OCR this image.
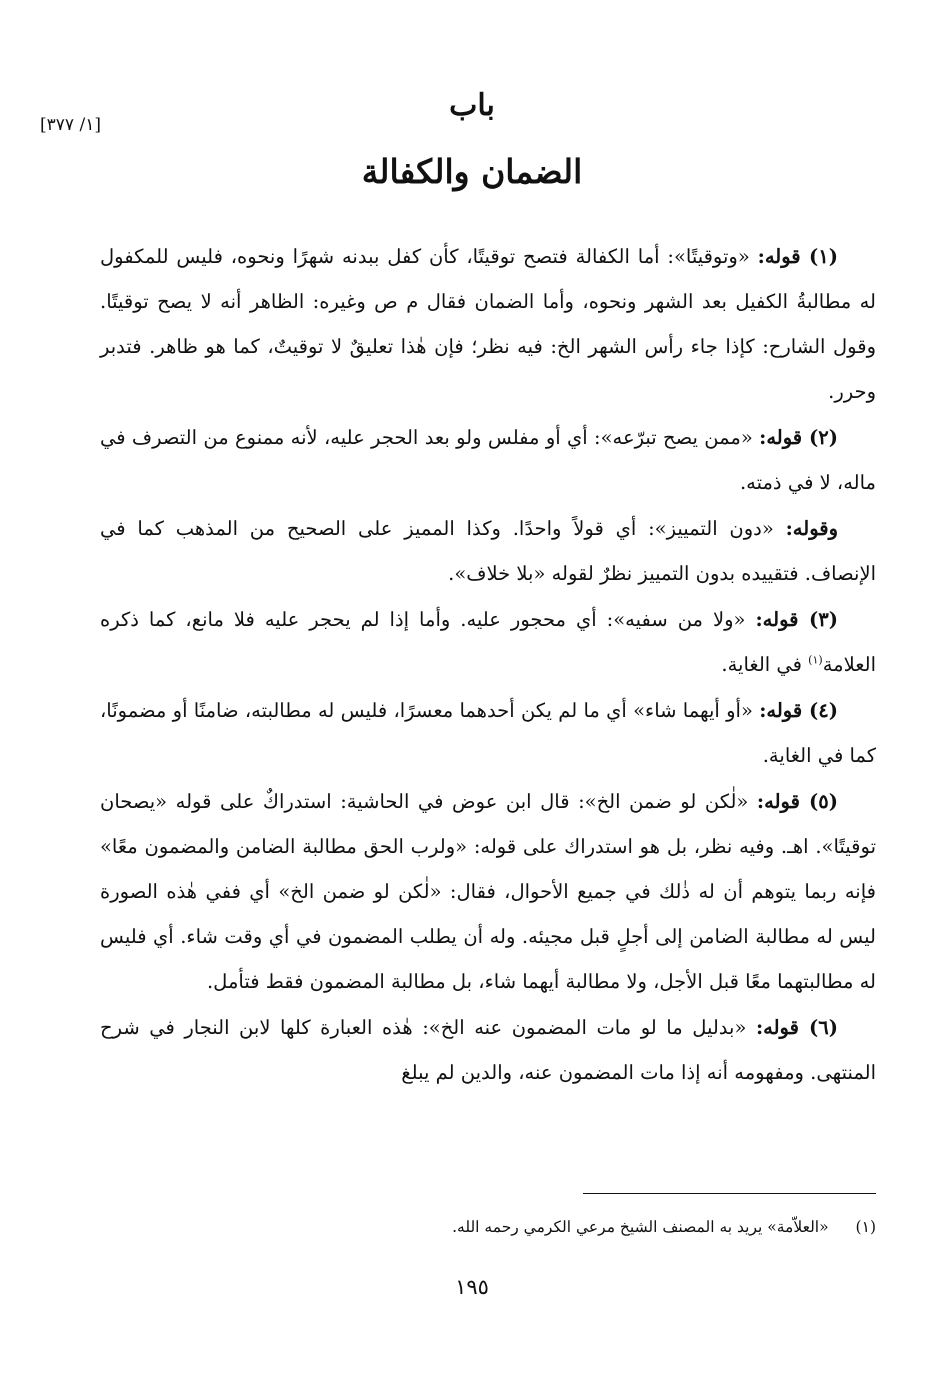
[١/ ٣٧٧]
باب
الضمان والكفالة

(١) قوله: «وتوقيتًا»: أما الكفالة فتصح توقيتًا، كأن كفل ببدنه شهرًا ونحوه، فليس للمكفول له مطالبةُ الكفيل بعد الشهر ونحوه، وأما الضمان فقال م ص وغيره: الظاهر أنه لا يصح توقيتًا. وقول الشارح: كإذا جاء رأس الشهر الخ: فيه نظر؛ فإن هٰذا تعليقٌ لا توقيتٌ، كما هو ظاهر. فتدبر وحرر.

(٢) قوله: «ممن يصح تبرّعه»: أي أو مفلس ولو بعد الحجر عليه، لأنه ممنوع من التصرف في ماله، لا في ذمته.

وقوله: «دون التمييز»: أي قولاً واحدًا. وكذا المميز على الصحيح من المذهب كما في الإنصاف. فتقييده بدون التمييز نظرٌ لقوله «بلا خلاف».

(٣) قوله: «ولا من سفيه»: أي محجور عليه. وأما إذا لم يحجر عليه فلا مانع، كما ذكره العلامة$^{(١)}$ في الغاية.

(٤) قوله: «أو أيهما شاء» أي ما لم يكن أحدهما معسرًا، فليس له مطالبته، ضامنًا أو مضمونًا، كما في الغاية.

(٥) قوله: «لٰكن لو ضمن الخ»: قال ابن عوض في الحاشية: استدراكٌ على قوله «يصحان توقيتًا». اهـ. وفيه نظر، بل هو استدراك على قوله: «ولرب الحق مطالبة الضامن والمضمون معًا» فإنه ربما يتوهم أن له ذٰلك في جميع الأحوال، فقال: «لٰكن لو ضمن الخ» أي ففي هٰذه الصورة ليس له مطالبة الضامن إلى أجلٍ قبل مجيئه. وله أن يطلب المضمون في أي وقت شاء. أي فليس له مطالبتهما معًا قبل الأجل، ولا مطالبة أيهما شاء، بل مطالبة المضمون فقط فتأمل.

(٦) قوله: «بدليل ما لو مات المضمون عنه الخ»: هٰذه العبارة كلها لابن النجار في شرح المنتهى. ومفهومه أنه إذا مات المضمون عنه، والدين لم يبلغ

(١) «العلاّمة» يريد به المصنف الشيخ مرعي الكرمي رحمه الله.
١٩٥
